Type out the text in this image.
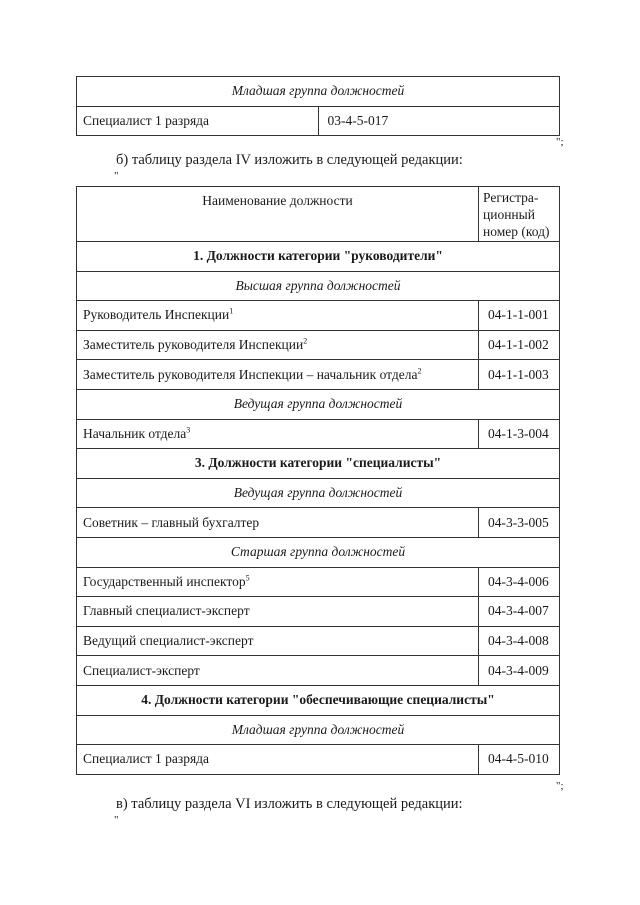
Младшая группа должностей
Специалист 1 разряда	03-4-5-017
";
б) таблицу раздела IV изложить в следующей редакции:
"
Наименование должности	Регистра-
ционный
номер (код)
1. Должности категории "руководители"	
Высшая группа должностей	
Руководитель Инспекции$^1$	04-1-1-001
Заместитель руководителя Инспекции$^2$	04-1-1-002
Заместитель руководителя Инспекции – начальник отдела$^2$	04-1-1-003
Ведущая группа должностей	
Начальник отдела$^3$	04-1-3-004
3. Должности категории "специалисты"	
Ведущая группа должностей	
Советник – главный бухгалтер	04-3-3-005
Старшая группа должностей	
Государственный инспектор$^5$	04-3-4-006
Главный специалист-эксперт	04-3-4-007
Ведущий специалист-эксперт	04-3-4-008
Специалист-эксперт	04-3-4-009
4. Должности категории "обеспечивающие специалисты"	
Младшая группа должностей	
Специалист 1 разряда	04-4-5-010
";
в) таблицу раздела VI изложить в следующей редакции:
"
